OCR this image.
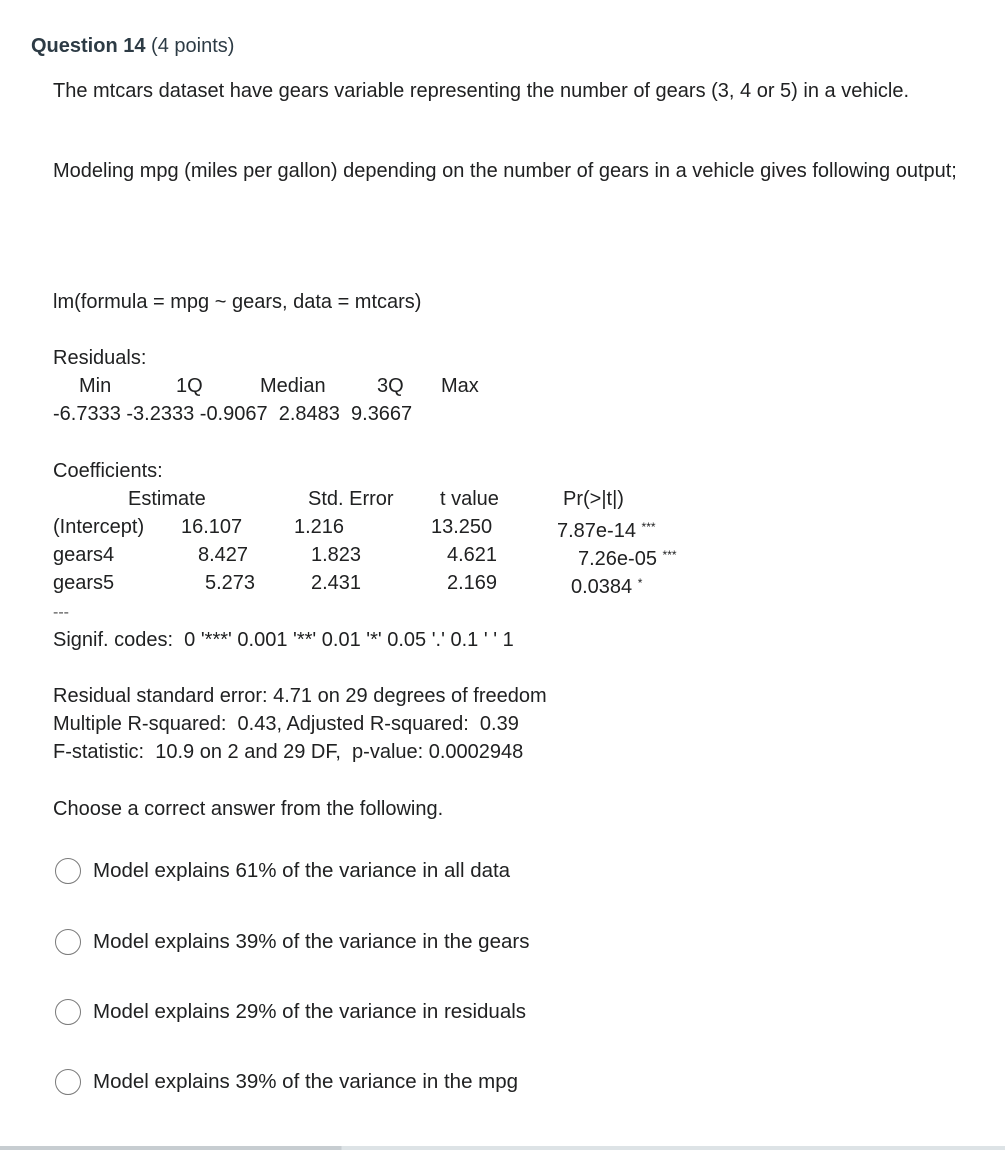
Question 14 (4 points)

The mtcars dataset have gears variable representing the number of gears (3, 4 or 5) in a vehicle.

Modeling mpg (miles per gallon) depending on the number of gears in a vehicle gives following output;

lm(formula = mpg ~ gears, data = mtcars)
Residuals:
Min	1Q	Median	3Q Max
-6.7333 -3.2333 -0.9067  2.8483  9.3667
Coefficients:
Estimate	Std. Error t value	Pr(>|t|)
(Intercept) 16.107	1.216	13.250	7.87e-14 ***
gears4	8.427	1.823	4.621	7.26e-05 ***
gears5	5.273	2.431	2.169	0.0384 *
---
Signif. codes:  0 '***' 0.001 '**' 0.01 '*' 0.05 '.' 0.1 ' ' 1
Residual standard error: 4.71 on 29 degrees of freedom
Multiple R-squared:  0.43, Adjusted R-squared:  0.39
F-statistic:  10.9 on 2 and 29 DF,  p-value: 0.0002948
Choose a correct answer from the following.
Model explains 61% of the variance in all data
Model explains 39% of the variance in the gears
Model explains 29% of the variance in residuals
Model explains 39% of the variance in the mpg
